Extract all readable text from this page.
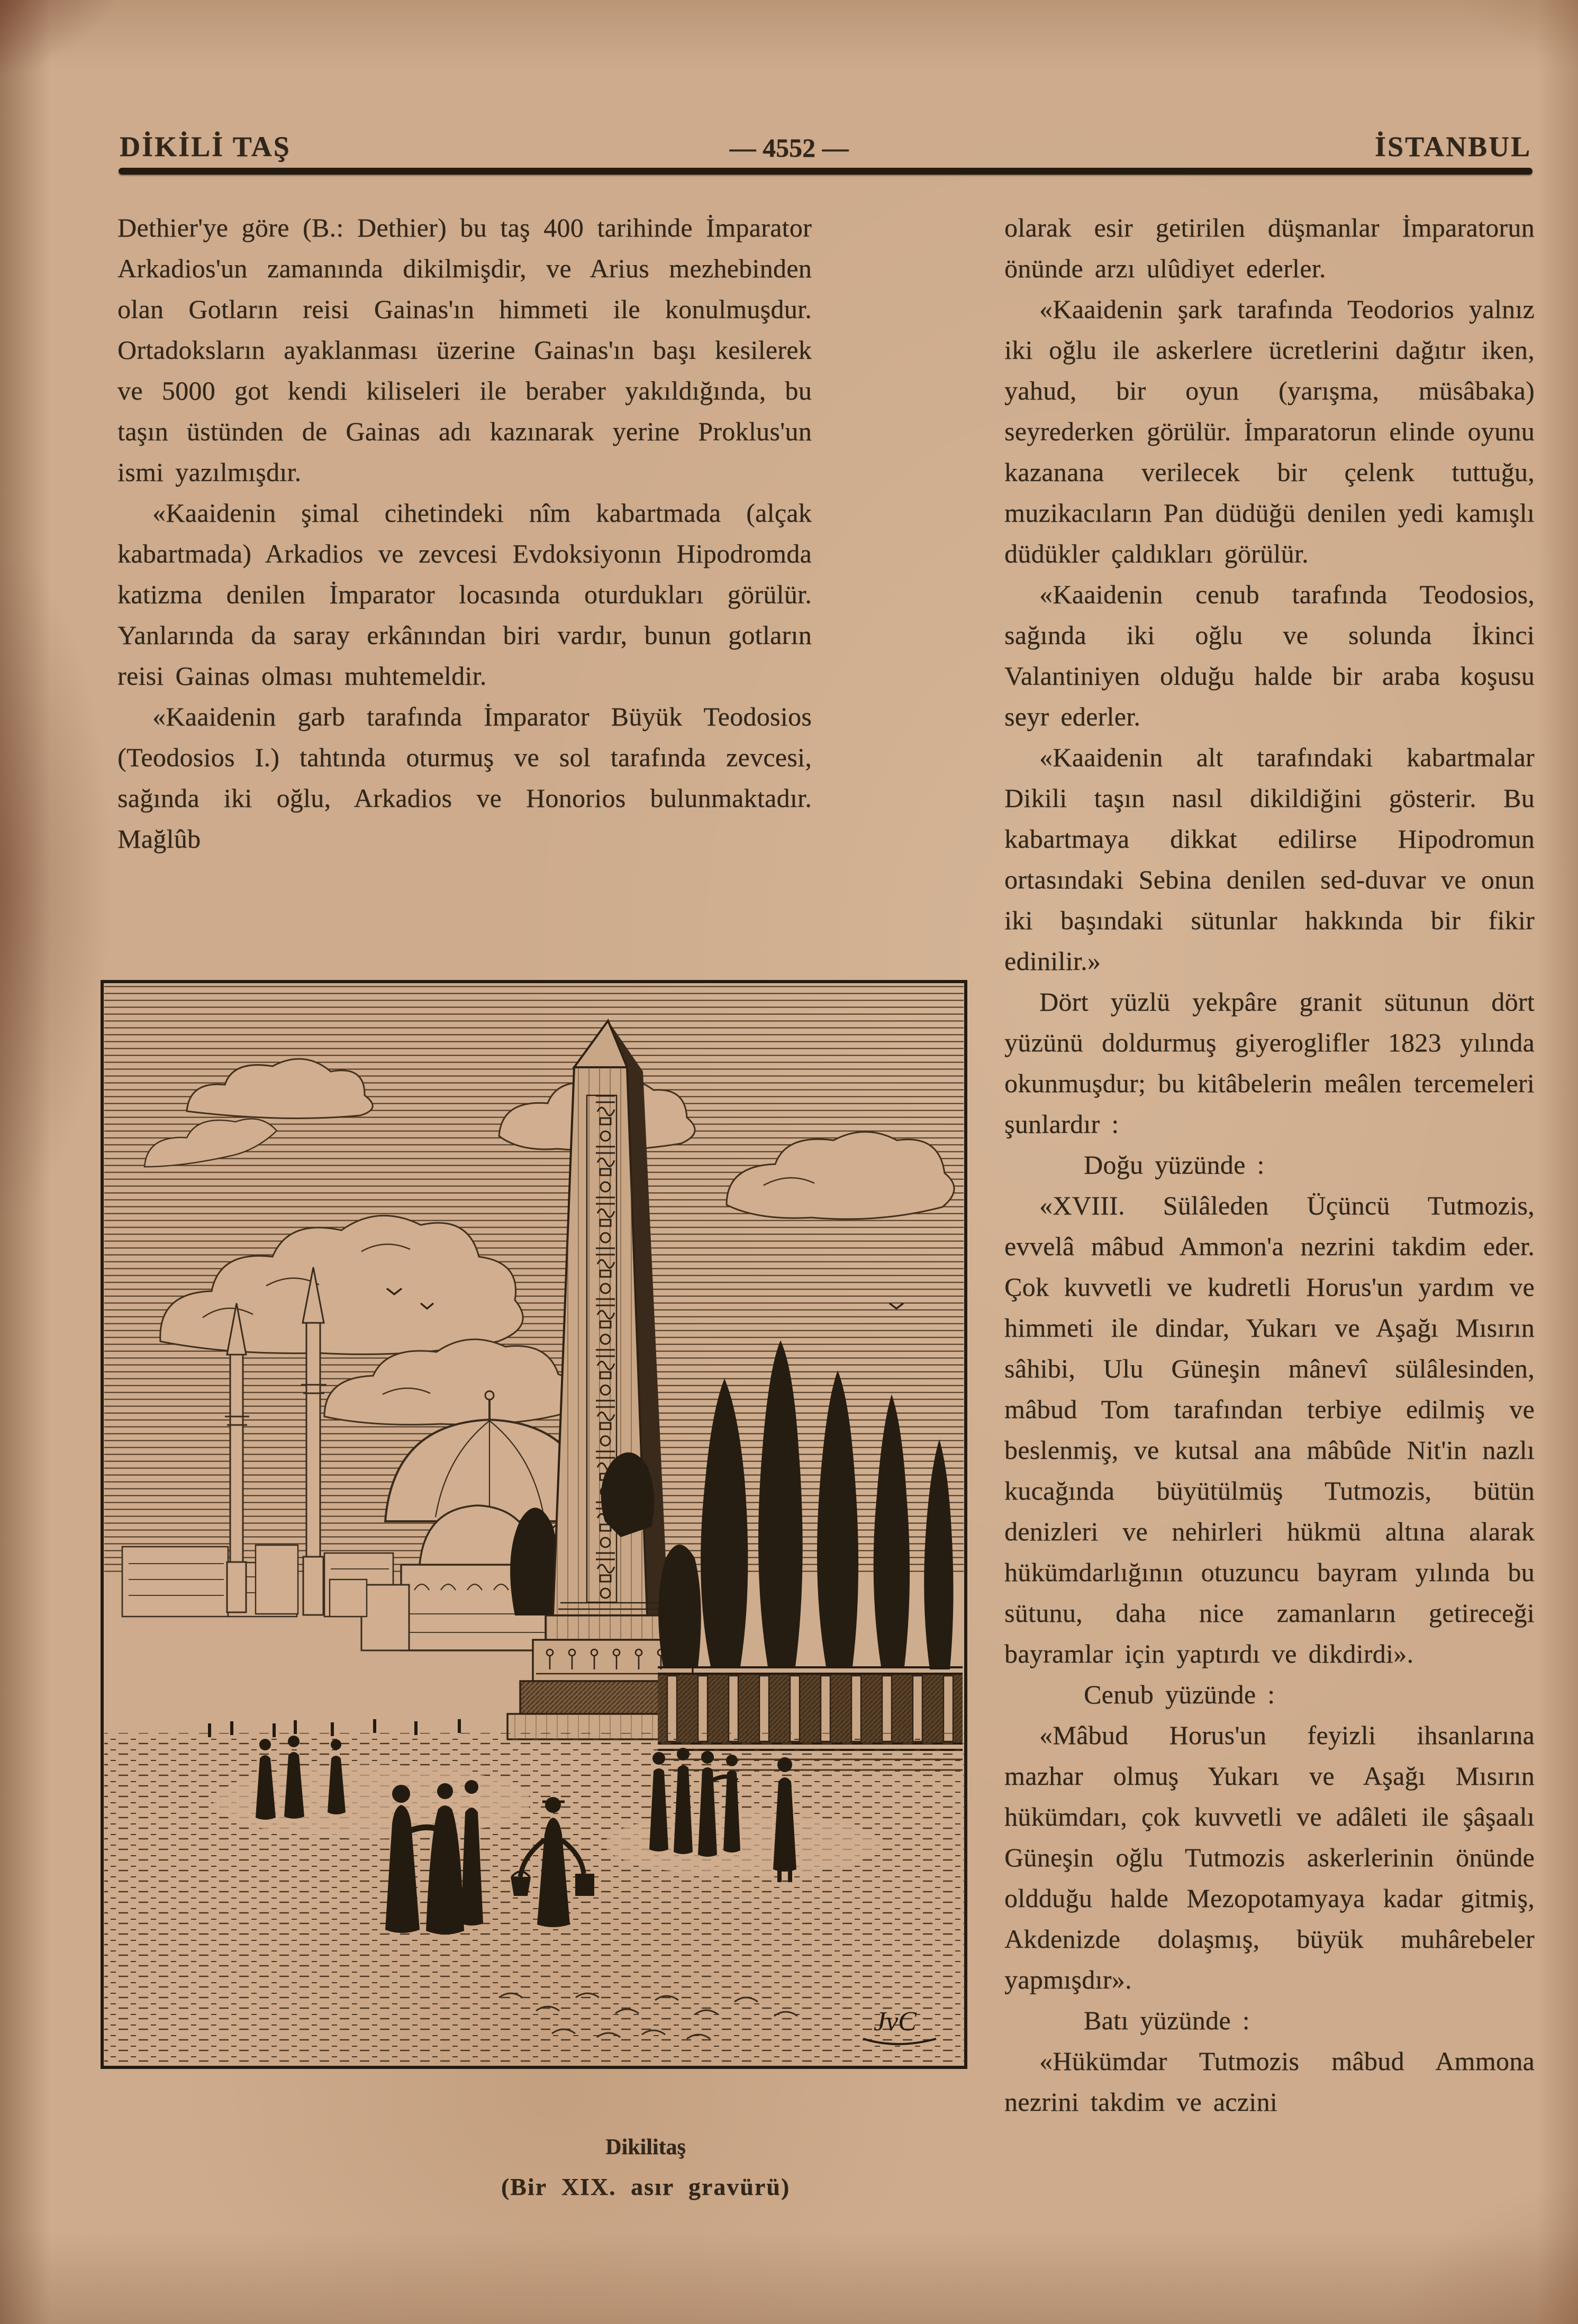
DİKİLİ TAŞ	— 4552 —	İSTANBUL

Dethier'ye göre (B.: Dethier) bu taş 400 tarihinde İmparator Arkadios'un zamanında dikilmişdir, ve Arius mezhebinden olan Gotların reisi Gainas'ın himmeti ile konulmuşdur. Ortadoksların ayaklanması üzerine Gainas'ın başı kesilerek ve 5000 got kendi kiliseleri ile beraber yakıldığında, bu taşın üstünden de Gainas adı kazınarak yerine Proklus'un ismi yazılmışdır.

«Kaaidenin şimal cihetindeki nîm kabartmada (alçak kabartmada) Arkadios ve zevcesi Evdoksiyonın Hipodromda katizma denilen İmparator locasında oturdukları görülür. Yanlarında da saray erkânından biri vardır, bunun gotların reisi Gainas olması muhtemeldir.

«Kaaidenin garb tarafında İmparator Büyük Teodosios (Teodosios I.) tahtında oturmuş ve sol tarafında zevcesi, sağında iki oğlu, Arkadios ve Honorios bulunmaktadır. Mağlûb

olarak esir getirilen düşmanlar İmparatorun önünde arzı ulûdiyet ederler.

«Kaaidenin şark tarafında Teodorios yalnız iki oğlu ile askerlere ücretlerini dağıtır iken, yahud, bir oyun (yarışma, müsâbaka) seyrederken görülür. İmparatorun elinde oyunu kazanana verilecek bir çelenk tuttuğu, muzikacıların Pan düdüğü denilen yedi kamışlı düdükler çaldıkları görülür.

«Kaaidenin cenub tarafında Teodosios, sağında iki oğlu ve solunda İkinci Valantiniyen olduğu halde bir araba koşusu seyr ederler.

«Kaaidenin alt tarafındaki kabartmalar Dikili taşın nasıl dikildiğini gösterir. Bu kabartmaya dikkat edilirse Hipodromun ortasındaki Sebina denilen sed-duvar ve onun iki başındaki sütunlar hakkında bir fikir edinilir.»

Dört yüzlü yekpâre granit sütunun dört yüzünü doldurmuş giyeroglifler 1823 yılında okunmuşdur; bu kitâbelerin meâlen tercemeleri şunlardır :

Doğu yüzünde :

«XVIII. Sülâleden Üçüncü Tutmozis, evvelâ mâbud Ammon'a nezrini takdim eder. Çok kuvvetli ve kudretli Horus'un yardım ve himmeti ile dindar, Yukarı ve Aşağı Mısırın sâhibi, Ulu Güneşin mânevî sülâlesinden, mâbud Tom tarafından terbiye edilmiş ve beslenmiş, ve kutsal ana mâbûde Nit'in nazlı kucağında büyütülmüş Tutmozis, bütün denizleri ve nehirleri hükmü altına alarak hükümdarlığının otuzuncu bayram yılında bu sütunu, daha nice zamanların getireceği bayramlar için yaptırdı ve dikdirdi».

Cenub yüzünde :

«Mâbud Horus'un feyizli ihsanlarına mazhar olmuş Yukarı ve Aşağı Mısırın hükümdarı, çok kuvvetli ve adâleti ile şâşaalı Güneşin oğlu Tutmozis askerlerinin önünde oldduğu halde Mezopotamyaya kadar gitmiş, Akdenizde dolaşmış, büyük muhârebeler yapmışdır».

Batı yüzünde :

«Hükümdar Tutmozis mâbud Ammona nezrini takdim ve aczini

JvC
Dikilitaş
(Bir XIX. asır gravürü)
